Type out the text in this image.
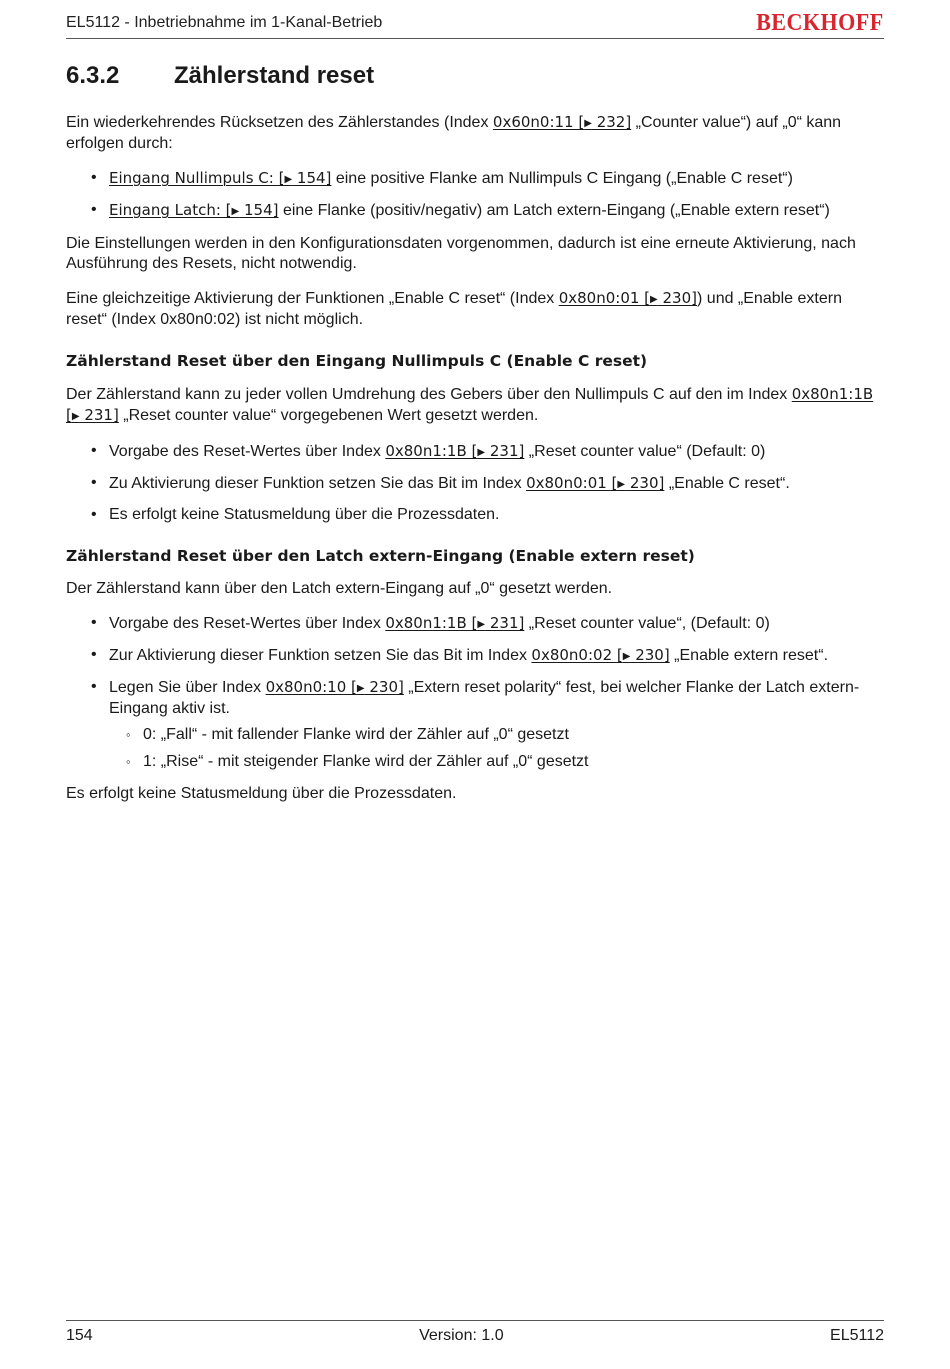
EL5112 - Inbetriebnahme im 1-Kanal-Betrieb	BECKHOFF
6.3.2	Zählerstand reset

Ein wiederkehrendes Rücksetzen des Zählerstandes (Index 0x60n0:11 [▶ 232] „Counter value“) auf „0“ kann erfolgen durch:

• Eingang Nullimpuls C: [▶ 154] eine positive Flanke am Nullimpuls C Eingang („Enable C reset“)
• Eingang Latch: [▶ 154] eine Flanke (positiv/negativ) am Latch extern-Eingang („Enable extern reset“)

Die Einstellungen werden in den Konfigurationsdaten vorgenommen, dadurch ist eine erneute Aktivierung, nach Ausführung des Resets, nicht notwendig.

Eine gleichzeitige Aktivierung der Funktionen „Enable C reset“ (Index 0x80n0:01 [▶ 230]) und „Enable extern reset“ (Index 0x80n0:02) ist nicht möglich.

Zählerstand Reset über den Eingang Nullimpuls C (Enable C reset)

Der Zählerstand kann zu jeder vollen Umdrehung des Gebers über den Nullimpuls C auf den im Index 0x80n1:1B [▶ 231] „Reset counter value“ vorgegebenen Wert gesetzt werden.

• Vorgabe des Reset-Wertes über Index 0x80n1:1B [▶ 231] „Reset counter value“ (Default: 0)
• Zu Aktivierung dieser Funktion setzen Sie das Bit im Index 0x80n0:01 [▶ 230] „Enable C reset“.
• Es erfolgt keine Statusmeldung über die Prozessdaten.
Zählerstand Reset über den Latch extern-Eingang (Enable extern reset)

Der Zählerstand kann über den Latch extern-Eingang auf „0“ gesetzt werden.

• Vorgabe des Reset-Wertes über Index 0x80n1:1B [▶ 231] „Reset counter value“, (Default: 0)
• Zur Aktivierung dieser Funktion setzen Sie das Bit im Index 0x80n0:02 [▶ 230] „Enable extern reset“.
• Legen Sie über Index 0x80n0:10 [▶ 230] „Extern reset polarity“ fest, bei welcher Flanke der Latch extern-Eingang aktiv ist.
◦ 0: „Fall“ - mit fallender Flanke wird der Zähler auf „0“ gesetzt
◦ 1: „Rise“ - mit steigender Flanke wird der Zähler auf „0“ gesetzt

Es erfolgt keine Statusmeldung über die Prozessdaten.

154	Version: 1.0	EL5112
